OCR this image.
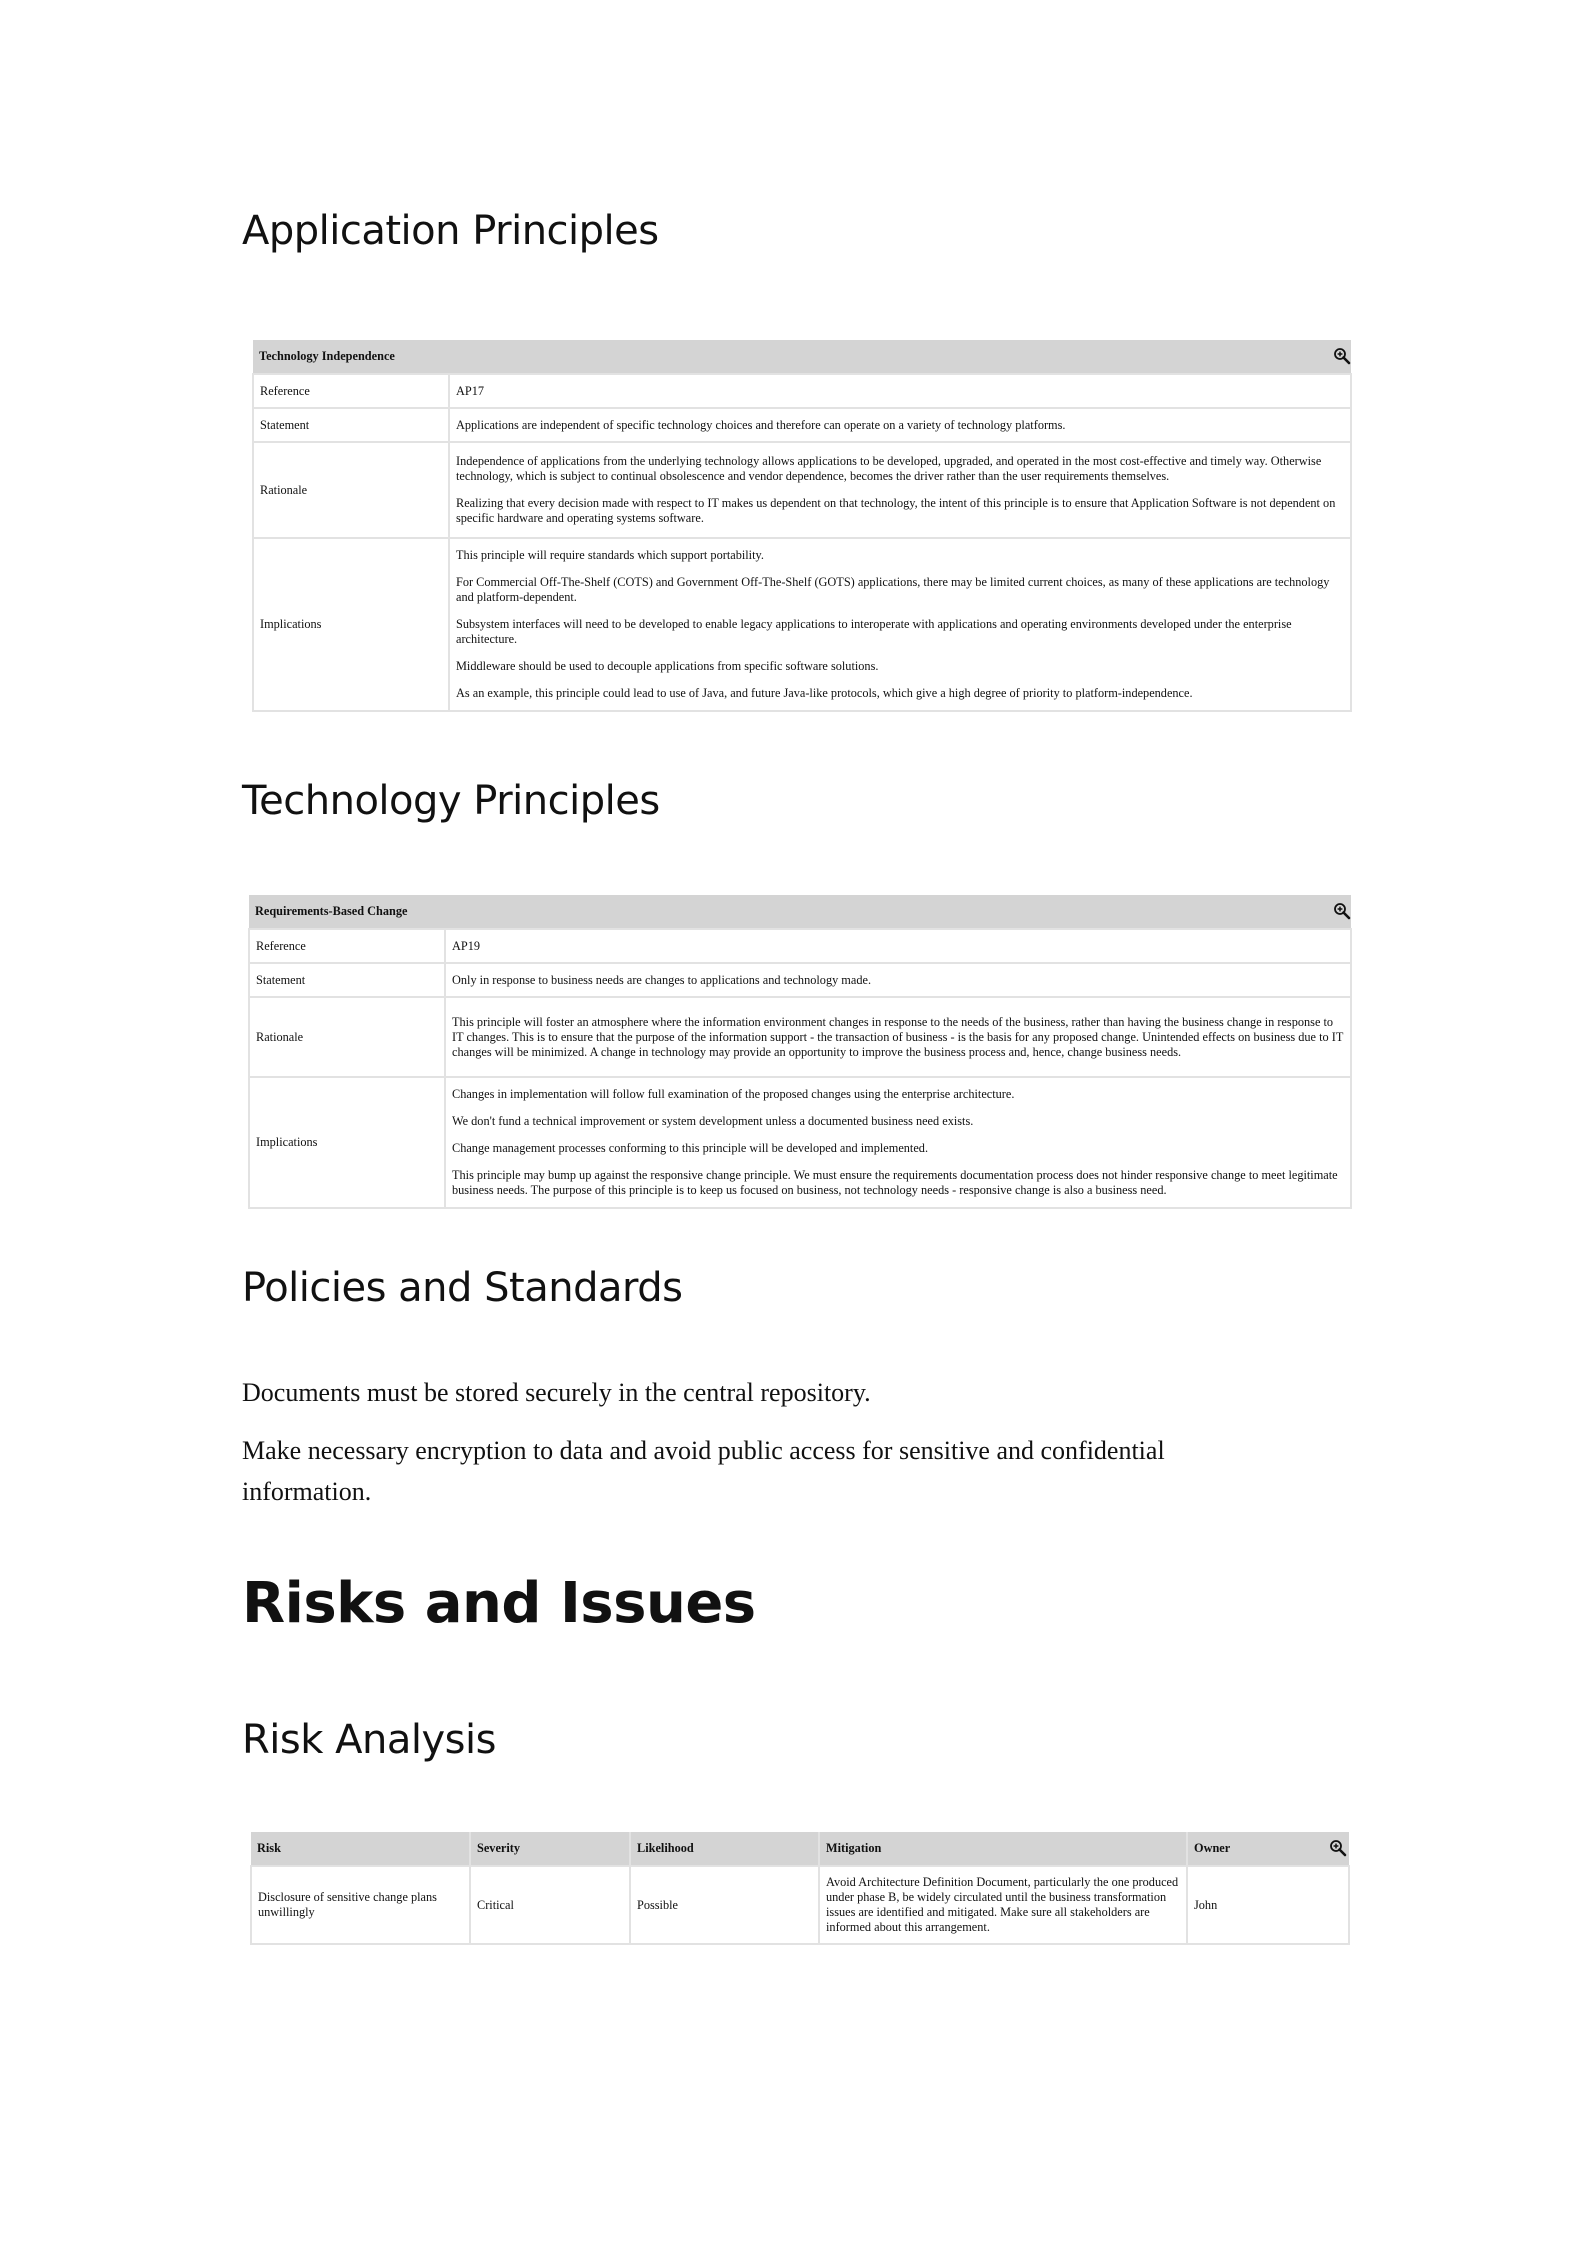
Application Principles
Technology Independence	

Reference	AP17
Statement	Applications are independent of specific technology choices and therefore can operate on a variety of technology platforms.
Rationale	Independence of applications from the underlying technology allows applications to be developed, upgraded, and operated in the most cost-effective and timely way. Otherwise technology, which is subject to continual obsolescence and vendor dependence, becomes the driver rather than the user requirements themselves.

Realizing that every decision made with respect to IT makes us dependent on that technology, the intent of this principle is to ensure that Application Software is not dependent on specific hardware and operating systems software.

Implications	This principle will require standards which support portability.

For Commercial Off-The-Shelf (COTS) and Government Off-The-Shelf (GOTS) applications, there may be limited current choices, as many of these applications are technology and platform-dependent.

Subsystem interfaces will need to be developed to enable legacy applications to interoperate with applications and operating environments developed under the enterprise architecture.

Middleware should be used to decouple applications from specific software solutions.

As an example, this principle could lead to use of Java, and future Java-like protocols, which give a high degree of priority to platform-independence.

Technology Principles
Requirements-Based Change	

Reference	AP19
Statement	Only in response to business needs are changes to applications and technology made.
Rationale	This principle will foster an atmosphere where the information environment changes in response to the needs of the business, rather than having the business change in response to IT changes. This is to ensure that the purpose of the information support - the transaction of business - is the basis for any proposed change. Unintended effects on business due to IT changes will be minimized. A change in technology may provide an opportunity to improve the business process and, hence, change business needs.

Implications	Changes in implementation will follow full examination of the proposed changes using the enterprise architecture.

We don't fund a technical improvement or system development unless a documented business need exists.

Change management processes conforming to this principle will be developed and implemented.

This principle may bump up against the responsive change principle. We must ensure the requirements documentation process does not hinder responsive change to meet legitimate business needs. The purpose of this principle is to keep us focused on business, not technology needs - responsive change is also a business need.

Policies and Standards

Documents must be stored securely in the central repository.

Make necessary encryption to data and avoid public access for sensitive and confidential information.

Risks and Issues
Risk Analysis
Risk	Severity	Likelihood	Mitigation	Owner

Disclosure of sensitive change plans unwillingly	Critical	Possible	Avoid Architecture Definition Document, particularly the one produced under phase B, be widely circulated until the business transformation issues are identified and mitigated. Make sure all stakeholders are informed about this arrangement.	John
